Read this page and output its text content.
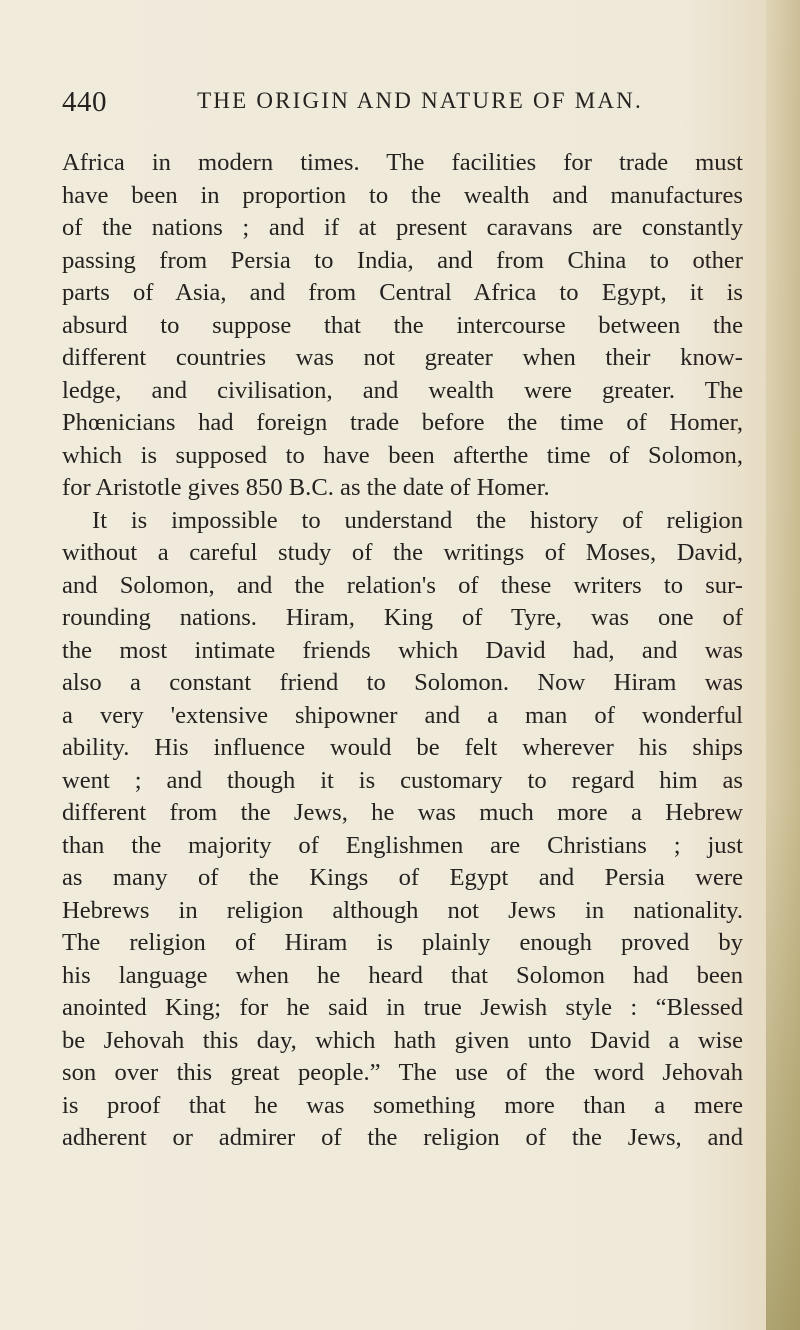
440	THE ORIGIN AND NATURE OF MAN.
Africa in modern times. The facilities for trade must
have been in proportion to the wealth and manufactures
of the nations ; and if at present caravans are constantly
passing from Persia to India, and from China to other
parts of Asia, and from Central Africa to Egypt, it is
absurd to suppose that the intercourse between the
different countries was not greater when their know-
ledge, and civilisation, and wealth were greater. The
Phœnicians had foreign trade before the time of Homer,
which is supposed to have been afterthe time of Solomon,
for Aristotle gives 850 B.C. as the date of Homer.
It is impossible to understand the history of religion
without a careful study of the writings of Moses, David,
and Solomon, and the relation's of these writers to sur-
rounding nations. Hiram, King of Tyre, was one of
the most intimate friends which David had, and was
also a constant friend to Solomon. Now Hiram was
a very 'extensive shipowner and a man of wonderful
ability. His influence would be felt wherever his ships
went ; and though it is customary to regard him as
different from the Jews, he was much more a Hebrew
than the majority of Englishmen are Christians ; just
as many of the Kings of Egypt and Persia were
Hebrews in religion although not Jews in nationality.
The religion of Hiram is plainly enough proved by
his language when he heard that Solomon had been
anointed King; for he said in true Jewish style : “Blessed
be Jehovah this day, which hath given unto David a wise
son over this great people.” The use of the word Jehovah
is proof that he was something more than a mere
adherent or admirer of the religion of the Jews, and
